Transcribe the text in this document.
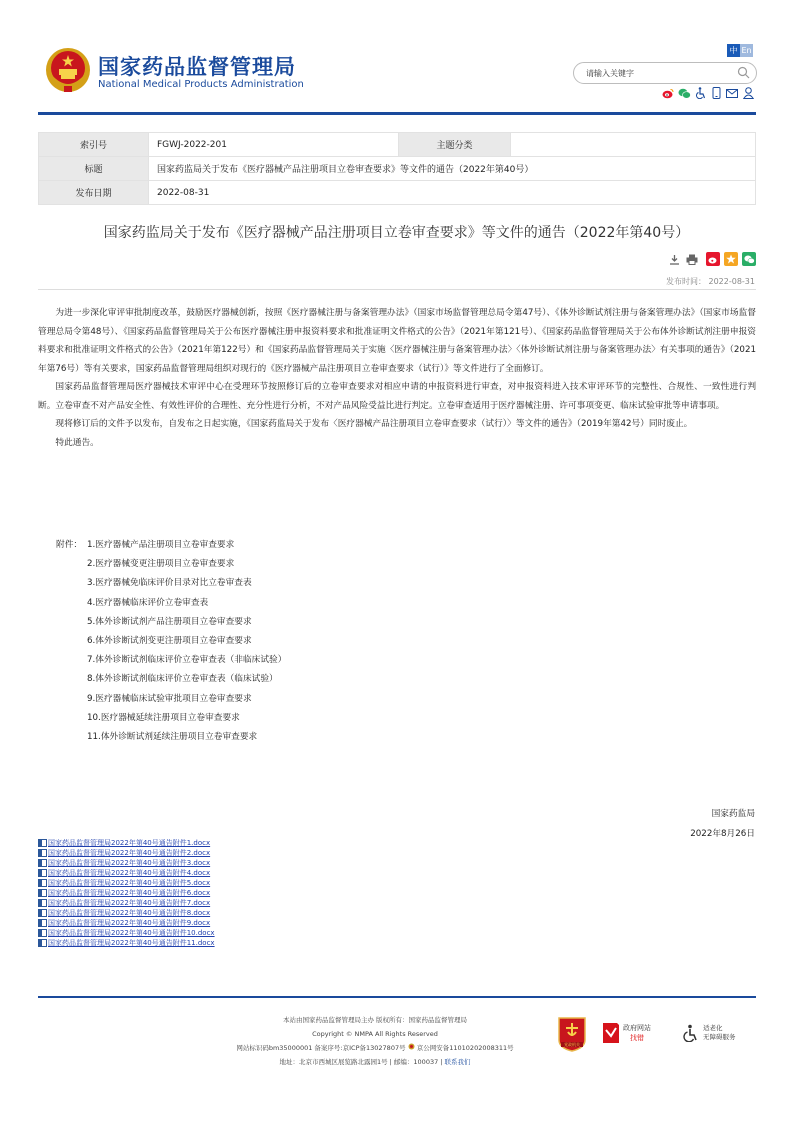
国家药品监督管理局
National Medical Products Administration
中 En
请输入关键字
索引号	FGWJ-2022-201	主题分类	
标题	国家药监局关于发布《医疗器械产品注册项目立卷审查要求》等文件的通告（2022年第40号）		
发布日期	2022-08-31		
国家药监局关于发布《医疗器械产品注册项目立卷审查要求》等文件的通告（2022年第40号）
发布时间： 2022-08-31

为进一步深化审评审批制度改革，鼓励医疗器械创新，按照《医疗器械注册与备案管理办法》（国家市场监督管理总局令第47号）、《体外诊断试剂注册与备案管理办法》（国家市场监督管理总局令第48号）、《国家药品监督管理局关于公布医疗器械注册申报资料要求和批准证明文件格式的公告》（2021年第121号）、《国家药品监督管理局关于公布体外诊断试剂注册申报资料要求和批准证明文件格式的公告》（2021年第122号）和《国家药品监督管理局关于实施〈医疗器械注册与备案管理办法〉〈体外诊断试剂注册与备案管理办法〉有关事项的通告》（2021年第76号）等有关要求，国家药品监督管理局组织对现行的《医疗器械产品注册项目立卷审查要求（试行）》等文件进行了全面修订。

国家药品监督管理局医疗器械技术审评中心在受理环节按照修订后的立卷审查要求对相应申请的申报资料进行审查，对申报资料进入技术审评环节的完整性、合规性、一致性进行判断。立卷审查不对产品安全性、有效性评价的合理性、充分性进行分析，不对产品风险受益比进行判定。立卷审查适用于医疗器械注册、许可事项变更、临床试验审批等申请事项。

现将修订后的文件予以发布，自发布之日起实施，《国家药监局关于发布〈医疗器械产品注册项目立卷审查要求（试行）〉等文件的通告》（2019年第42号）同时废止。

特此通告。

附件： 1.医疗器械产品注册项目立卷审查要求
2.医疗器械变更注册项目立卷审查要求
3.医疗器械免临床评价目录对比立卷审查表
4.医疗器械临床评价立卷审查表
5.体外诊断试剂产品注册项目立卷审查要求
6.体外诊断试剂变更注册项目立卷审查要求
7.体外诊断试剂临床评价立卷审查表（非临床试验）
8.体外诊断试剂临床评价立卷审查表（临床试验）
9.医疗器械临床试验审批项目立卷审查要求
10.医疗器械延续注册项目立卷审查要求
11.体外诊断试剂延续注册项目立卷审查要求
国家药监局
2022年8月26日
国家药品监督管理局2022年第40号通告附件1.docx
国家药品监督管理局2022年第40号通告附件2.docx
国家药品监督管理局2022年第40号通告附件3.docx
国家药品监督管理局2022年第40号通告附件4.docx
国家药品监督管理局2022年第40号通告附件5.docx
国家药品监督管理局2022年第40号通告附件6.docx
国家药品监督管理局2022年第40号通告附件7.docx
国家药品监督管理局2022年第40号通告附件8.docx
国家药品监督管理局2022年第40号通告附件9.docx
国家药品监督管理局2022年第40号通告附件10.docx
国家药品监督管理局2022年第40号通告附件11.docx
本站由国家药品监督管理局主办 版权所有：国家药品监督管理局
Copyright © NMPA All Rights Reserved
网站标识码bm35000001 备案序号:京ICP备13027807号 京公网安备11010202008311号
地址：北京市西城区展览路北露园1号 | 邮编：100037 | 联系我们
党政机关
政府网站
找错
适老化
无障碍服务
